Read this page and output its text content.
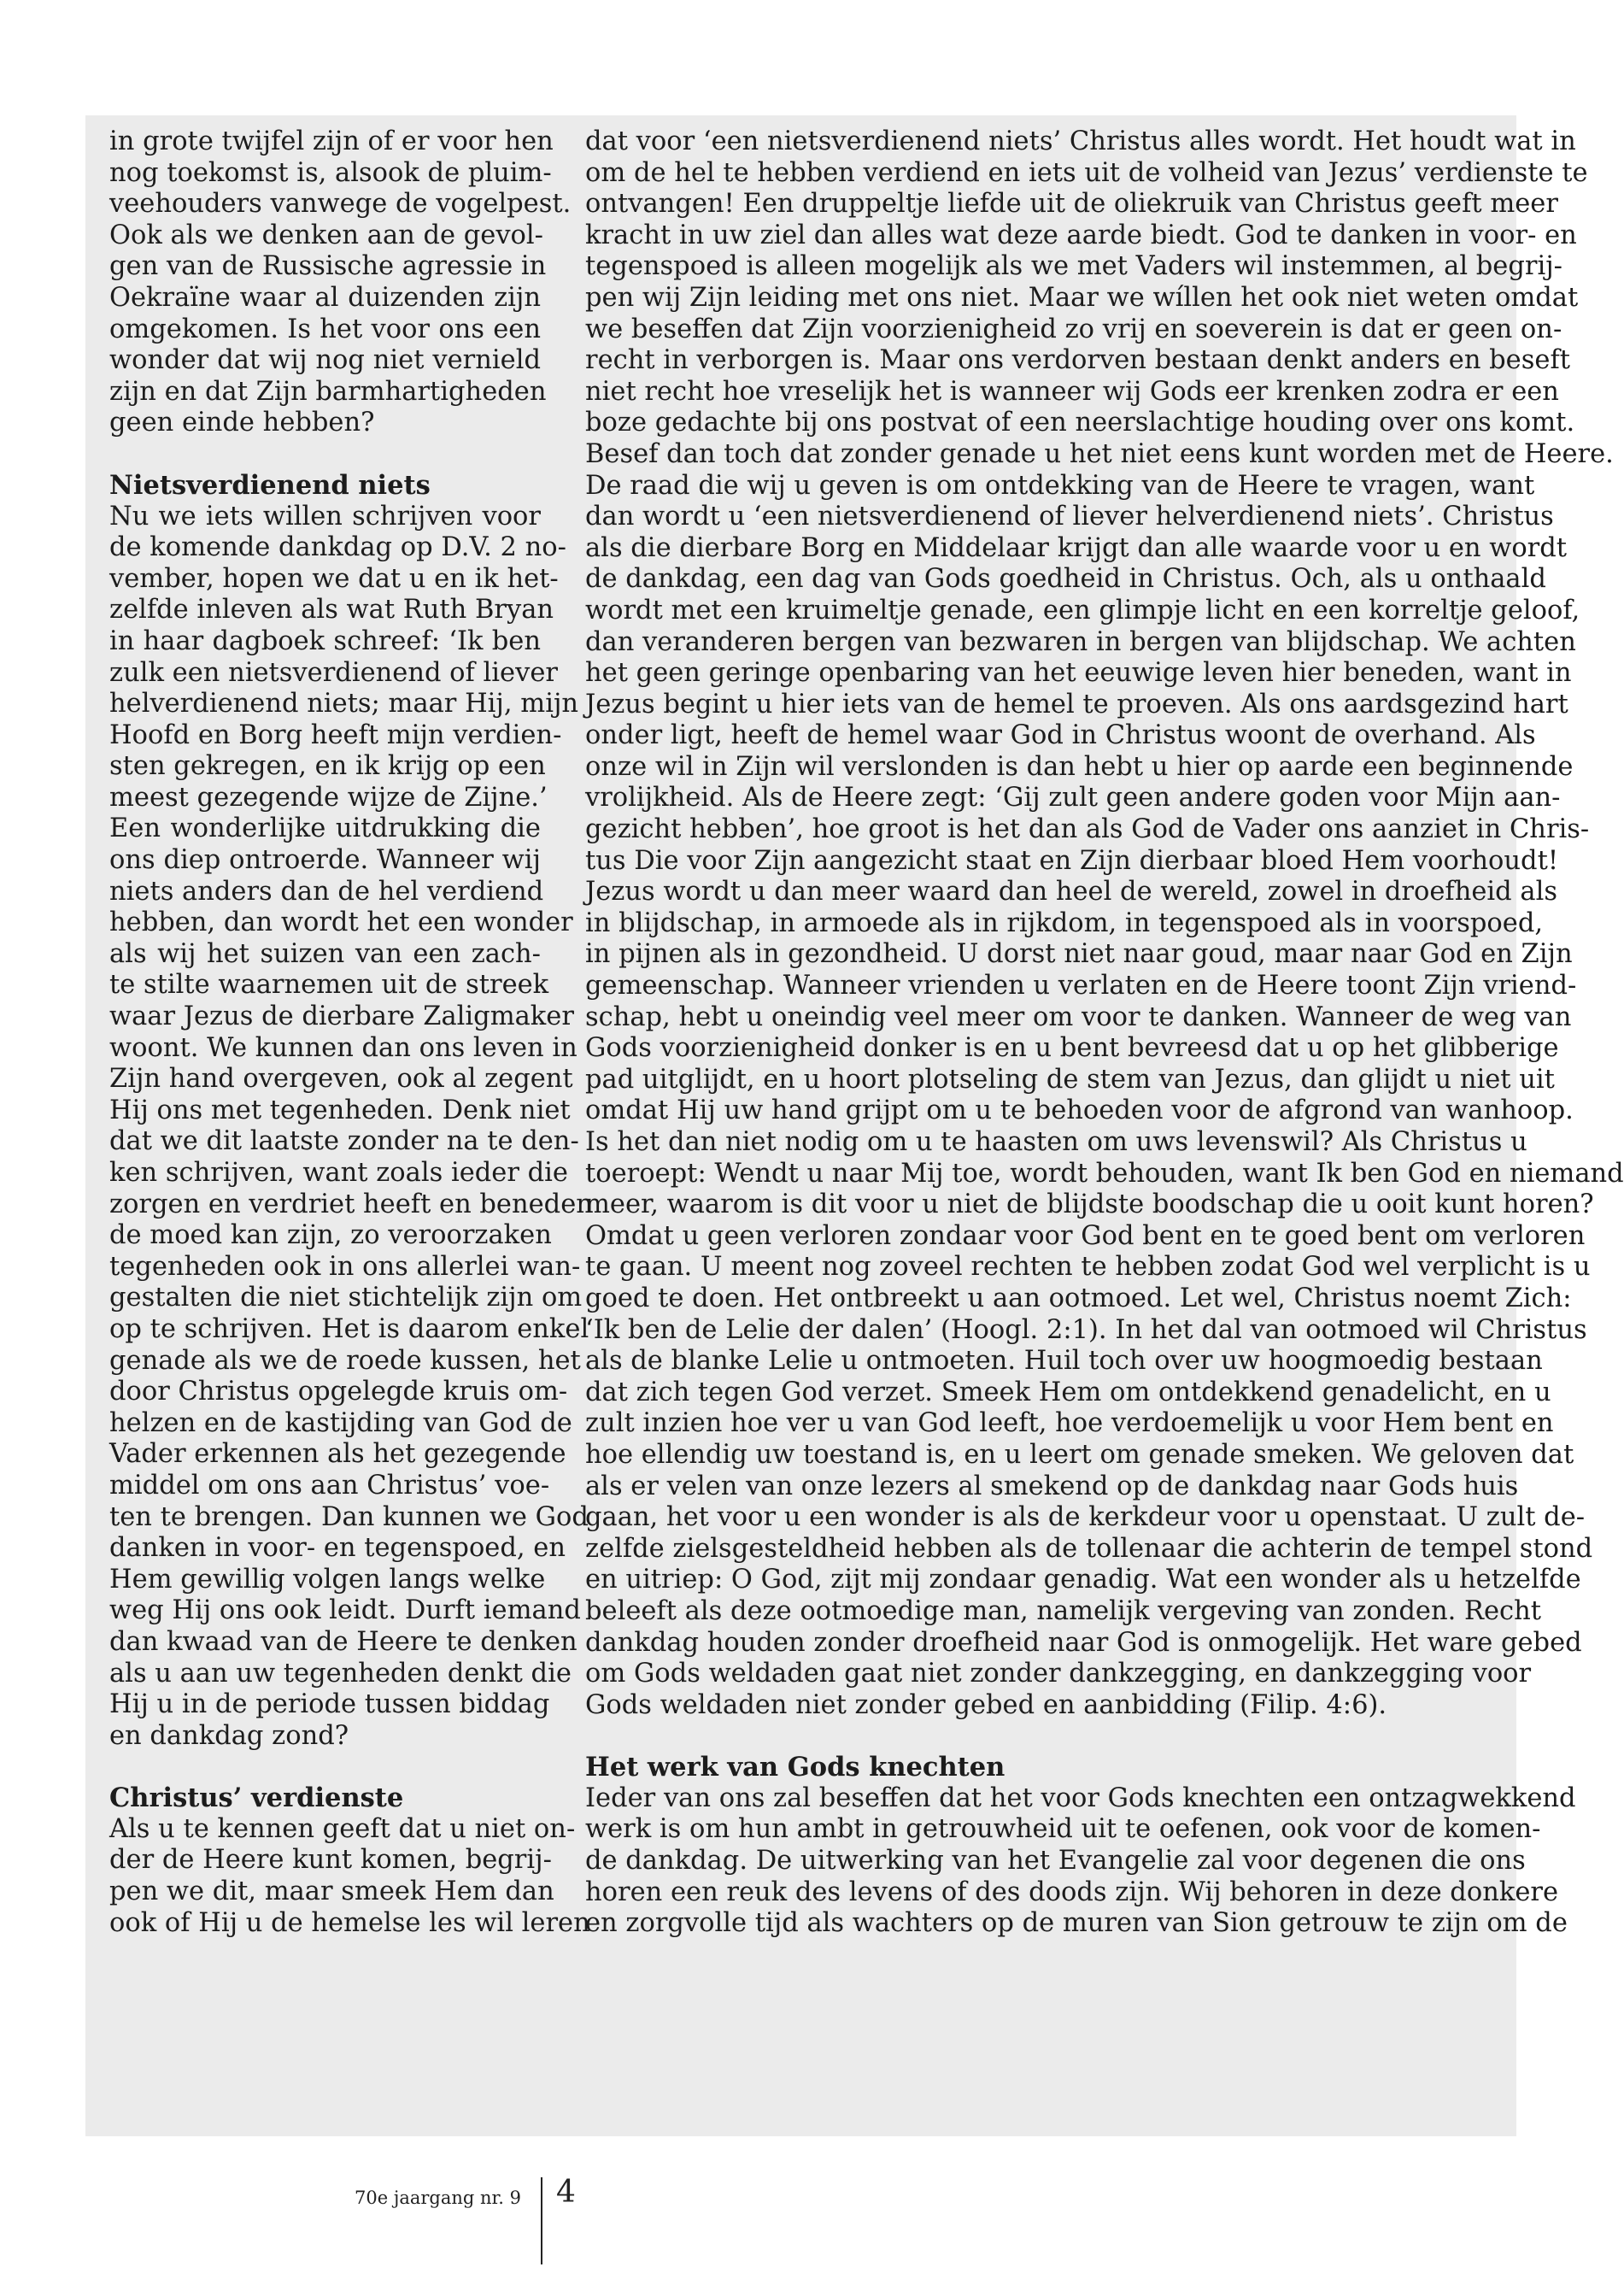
in grote twijfel zijn of er voor hen
nog toekomst is, alsook de pluim-
veehouders vanwege de vogelpest.
Ook als we denken aan de gevol-
gen van de Russische agressie in
Oekraïne waar al duizenden zijn
omgekomen. Is het voor ons een
wonder dat wij nog niet vernield
zijn en dat Zijn barmhartigheden
geen einde hebben?

Nietsverdienend niets

Nu we iets willen schrijven voor
de komende dankdag op D.V. 2 no-
vember, hopen we dat u en ik het-
zelfde inleven als wat Ruth Bryan
in haar dagboek schreef: ‘Ik ben
zulk een nietsverdienend of liever
helverdienend niets; maar Hij, mijn
Hoofd en Borg heeft mijn verdien-
sten gekregen, en ik krijg op een
meest gezegende wijze de Zijne.’
Een wonderlijke uitdrukking die
ons diep ontroerde. Wanneer wij
niets anders dan de hel verdiend
hebben, dan wordt het een wonder
als wij het suizen van een zach-
te stilte waarnemen uit de streek
waar Jezus de dierbare Zaligmaker
woont. We kunnen dan ons leven in
Zijn hand overgeven, ook al zegent
Hij ons met tegenheden. Denk niet
dat we dit laatste zonder na te den-
ken schrijven, want zoals ieder die
zorgen en verdriet heeft en beneden
de moed kan zijn, zo veroorzaken
tegenheden ook in ons allerlei wan-
gestalten die niet stichtelijk zijn om
op te schrijven. Het is daarom enkel
genade als we de roede kussen, het
door Christus opgelegde kruis om-
helzen en de kastijding van God de
Vader erkennen als het gezegende
middel om ons aan Christus’ voe-
ten te brengen. Dan kunnen we God
danken in voor- en tegenspoed, en
Hem gewillig volgen langs welke
weg Hij ons ook leidt. Durft iemand
dan kwaad van de Heere te denken
als u aan uw tegenheden denkt die
Hij u in de periode tussen biddag
en dankdag zond?

Christus’ verdienste

Als u te kennen geeft dat u niet on-
der de Heere kunt komen, begrij-
pen we dit, maar smeek Hem dan
ook of Hij u de hemelse les wil leren

dat voor ‘een nietsverdienend niets’ Christus alles wordt. Het houdt wat in
om de hel te hebben verdiend en iets uit de volheid van Jezus’ verdienste te
ontvangen! Een druppeltje liefde uit de oliekruik van Christus geeft meer
kracht in uw ziel dan alles wat deze aarde biedt. God te danken in voor- en
tegenspoed is alleen mogelijk als we met Vaders wil instemmen, al begrij-
pen wij Zijn leiding met ons niet. Maar we wíllen het ook niet weten omdat
we beseffen dat Zijn voorzienigheid zo vrij en soeverein is dat er geen on-
recht in verborgen is. Maar ons verdorven bestaan denkt anders en beseft
niet recht hoe vreselijk het is wanneer wij Gods eer krenken zodra er een
boze gedachte bij ons postvat of een neerslachtige houding over ons komt.
Besef dan toch dat zonder genade u het niet eens kunt worden met de Heere.
De raad die wij u geven is om ontdekking van de Heere te vragen, want
dan wordt u ‘een nietsverdienend of liever helverdienend niets’. Christus
als die dierbare Borg en Middelaar krijgt dan alle waarde voor u en wordt
de dankdag, een dag van Gods goedheid in Christus. Och, als u onthaald
wordt met een kruimeltje genade, een glimpje licht en een korreltje geloof,
dan veranderen bergen van bezwaren in bergen van blijdschap. We achten
het geen geringe openbaring van het eeuwige leven hier beneden, want in
Jezus begint u hier iets van de hemel te proeven. Als ons aardsgezind hart
onder ligt, heeft de hemel waar God in Christus woont de overhand. Als
onze wil in Zijn wil verslonden is dan hebt u hier op aarde een beginnende
vrolijkheid. Als de Heere zegt: ‘Gij zult geen andere goden voor Mijn aan-
gezicht hebben’, hoe groot is het dan als God de Vader ons aanziet in Chris-
tus Die voor Zijn aangezicht staat en Zijn dierbaar bloed Hem voorhoudt!
Jezus wordt u dan meer waard dan heel de wereld, zowel in droefheid als
in blijdschap, in armoede als in rijkdom, in tegenspoed als in voorspoed,
in pijnen als in gezondheid. U dorst niet naar goud, maar naar God en Zijn
gemeenschap. Wanneer vrienden u verlaten en de Heere toont Zijn vriend-
schap, hebt u oneindig veel meer om voor te danken. Wanneer de weg van
Gods voorzienigheid donker is en u bent bevreesd dat u op het glibberige
pad uitglijdt, en u hoort plotseling de stem van Jezus, dan glijdt u niet uit
omdat Hij uw hand grijpt om u te behoeden voor de afgrond van wanhoop.
Is het dan niet nodig om u te haasten om uws levenswil? Als Christus u
toeroept: Wendt u naar Mij toe, wordt behouden, want Ik ben God en niemand
meer, waarom is dit voor u niet de blijdste boodschap die u ooit kunt horen?
Omdat u geen verloren zondaar voor God bent en te goed bent om verloren
te gaan. U meent nog zoveel rechten te hebben zodat God wel verplicht is u
goed te doen. Het ontbreekt u aan ootmoed. Let wel, Christus noemt Zich:
‘Ik ben de Lelie der dalen’ (Hoogl. 2:1). In het dal van ootmoed wil Christus
als de blanke Lelie u ontmoeten. Huil toch over uw hoogmoedig bestaan
dat zich tegen God verzet. Smeek Hem om ontdekkend genadelicht, en u
zult inzien hoe ver u van God leeft, hoe verdoemelijk u voor Hem bent en
hoe ellendig uw toestand is, en u leert om genade smeken. We geloven dat
als er velen van onze lezers al smekend op de dankdag naar Gods huis
gaan, het voor u een wonder is als de kerkdeur voor u openstaat. U zult de-
zelfde zielsgesteldheid hebben als de tollenaar die achterin de tempel stond
en uitriep: O God, zijt mij zondaar genadig. Wat een wonder als u hetzelfde
beleeft als deze ootmoedige man, namelijk vergeving van zonden. Recht
dankdag houden zonder droefheid naar God is onmogelijk. Het ware gebed
om Gods weldaden gaat niet zonder dankzegging, en dankzegging voor
Gods weldaden niet zonder gebed en aanbidding (Filip. 4:6).

Het werk van Gods knechten

Ieder van ons zal beseffen dat het voor Gods knechten een ontzagwekkend
werk is om hun ambt in getrouwheid uit te oefenen, ook voor de komen-
de dankdag. De uitwerking van het Evangelie zal voor degenen die ons
horen een reuk des levens of des doods zijn. Wij behoren in deze donkere
en zorgvolle tijd als wachters op de muren van Sion getrouw te zijn om de

70e jaargang nr. 9 4
